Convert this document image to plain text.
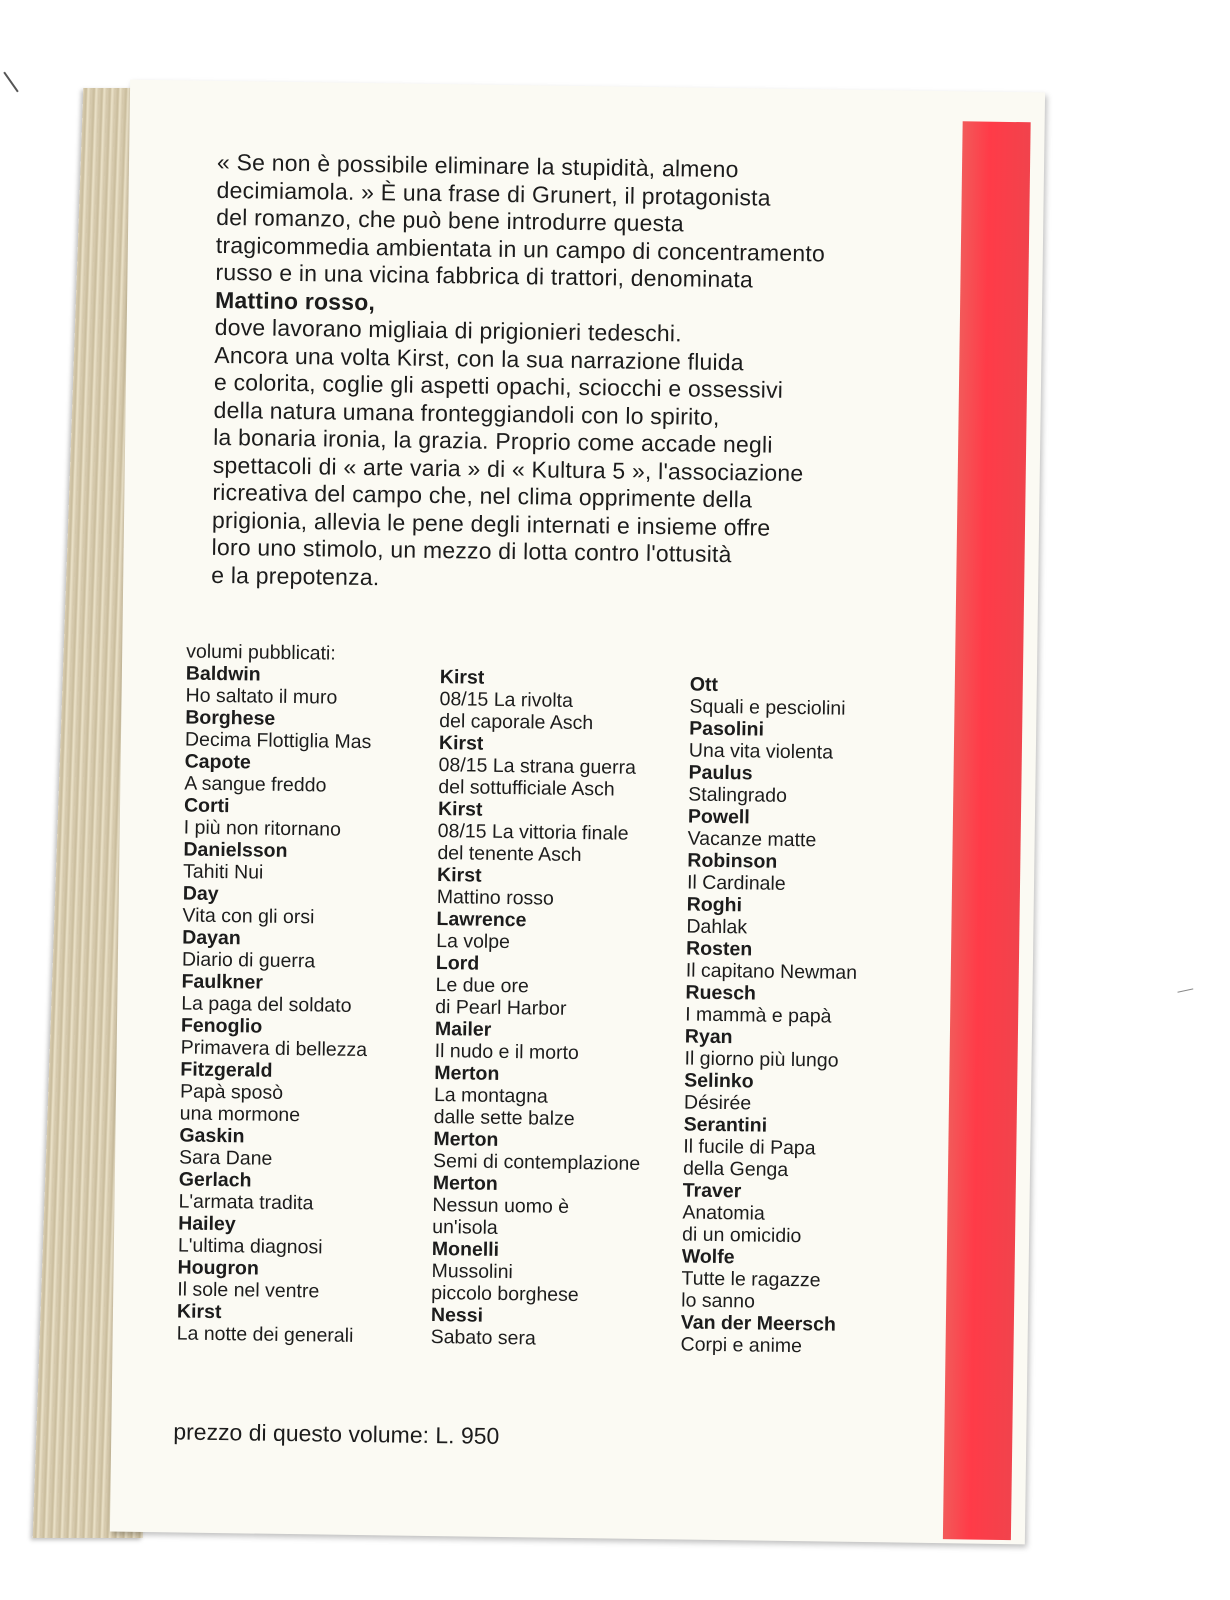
« Se non è possibile eliminare la stupidità, almeno
decimiamola. » È una frase di Grunert, il protagonista
del romanzo, che può bene introdurre questa
tragicommedia ambientata in un campo di concentramento
russo e in una vicina fabbrica di trattori, denominata

Mattino rosso,

dove lavorano migliaia di prigionieri tedeschi.
Ancora una volta Kirst, con la sua narrazione fluida
e colorita, coglie gli aspetti opachi, sciocchi e ossessivi
della natura umana fronteggiandoli con lo spirito,
la bonaria ironia, la grazia. Proprio come accade negli
spettacoli di « arte varia » di « Kultura 5 », l'associazione
ricreativa del campo che, nel clima opprimente della
prigionia, allevia le pene degli internati e insieme offre
loro uno stimolo, un mezzo di lotta contro l'ottusità
e la prepotenza.

volumi pubblicati:
Baldwin
Ho saltato il muro
Borghese
Decima Flottiglia Mas
Capote
A sangue freddo
Corti
I più non ritornano
Danielsson
Tahiti Nui
Day
Vita con gli orsi
Dayan
Diario di guerra
Faulkner
La paga del soldato
Fenoglio
Primavera di bellezza
Fitzgerald
Papà sposò
una mormone
Gaskin
Sara Dane
Gerlach
L'armata tradita
Hailey
L'ultima diagnosi
Hougron
Il sole nel ventre
Kirst
La notte dei generali
Kirst
08/15 La rivolta
del caporale Asch
Kirst
08/15 La strana guerra
del sottufficiale Asch
Kirst
08/15 La vittoria finale
del tenente Asch
Kirst
Mattino rosso
Lawrence
La volpe
Lord
Le due ore
di Pearl Harbor
Mailer
Il nudo e il morto
Merton
La montagna
dalle sette balze
Merton
Semi di contemplazione
Merton
Nessun uomo è
un'isola
Monelli
Mussolini
piccolo borghese
Nessi
Sabato sera
Ott
Squali e pesciolini
Pasolini
Una vita violenta
Paulus
Stalingrado
Powell
Vacanze matte
Robinson
Il Cardinale
Roghi
Dahlak
Rosten
Il capitano Newman
Ruesch
I mammà e papà
Ryan
Il giorno più lungo
Selinko
Désirée
Serantini
Il fucile di Papa
della Genga
Traver
Anatomia
di un omicidio
Wolfe
Tutte le ragazze
lo sanno
Van der Meersch
Corpi e anime
prezzo di questo volume: L. 950
